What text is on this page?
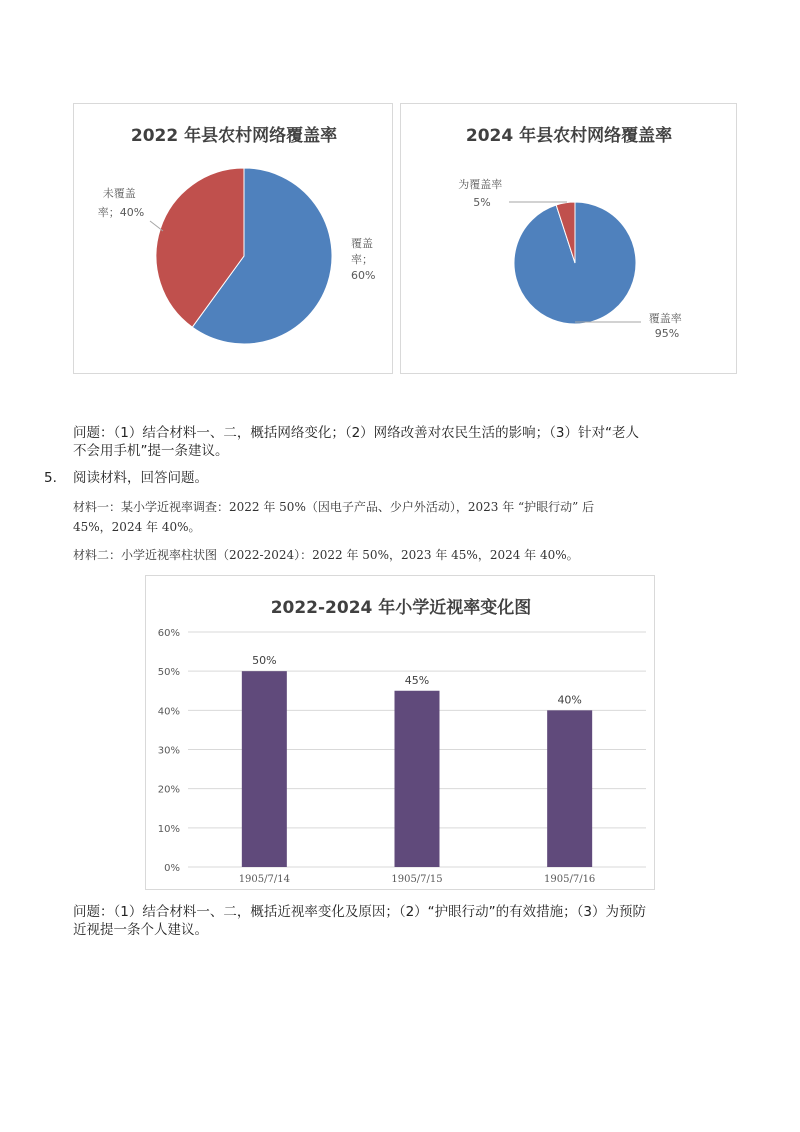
2022 年县农村网络覆盖率
未覆盖 率；40%
覆盖 率； 60%
2024 年县农村网络覆盖率
为覆盖率 5%
覆盖率 95%
问题：（1）结合材料一、二，概括网络变化；（2）网络改善对农民生活的影响；（3）针对“老人
不会用手机”提一条建议。
5. 阅读材料，回答问题。
材料一：某小学近视率调查：2022 年 50%（因电子产品、少户外活动），2023 年 “护眼行动” 后
45%，2024 年 40%。
材料二：小学近视率柱状图（2022-2024）：2022 年 50%，2023 年 45%，2024 年 40%。
2022-2024 年小学近视率变化图
0%
10%
20%
30%
40%
50%
60%
50%
1905/7/14
45%
1905/7/15
40%
1905/7/16
问题：（1）结合材料一、二，概括近视率变化及原因；（2）“护眼行动”的有效措施；（3）为预防
近视提一条个人建议。
